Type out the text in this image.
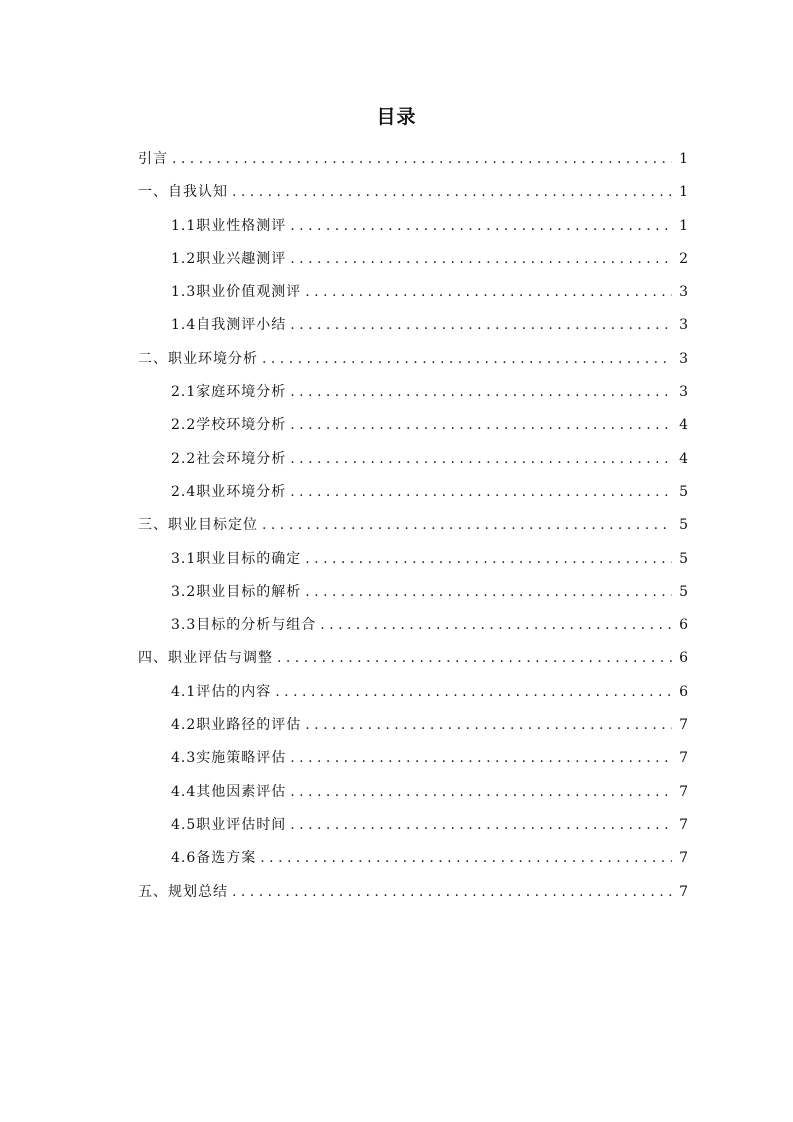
目录
引言 . . .	1
一、自我认知 . . .	1
1.1职业性格测评 . . .	1
1.2职业兴趣测评 . . .	2
1.3职业价值观测评 . . .	3
1.4自我测评小结 . . .	3
二、职业环境分析 . . .	3
2.1家庭环境分析 . . .	3
2.2学校环境分析 . . .	4
2.2社会环境分析 . . .	4
2.4职业环境分析 . . .	5
三、职业目标定位 . . .	5
3.1职业目标的确定 . . .	5
3.2职业目标的解析 . . .	5
3.3目标的分析与组合 . . .	6
四、职业评估与调整 . . .	6
4.1评估的内容 . . .	6
4.2职业路径的评估 . . .	7
4.3实施策略评估 . . .	7
4.4其他因素评估 . . .	7
4.5职业评估时间 . . .	7
4.6备选方案 . . .	7
五、规划总结 . . .	7
